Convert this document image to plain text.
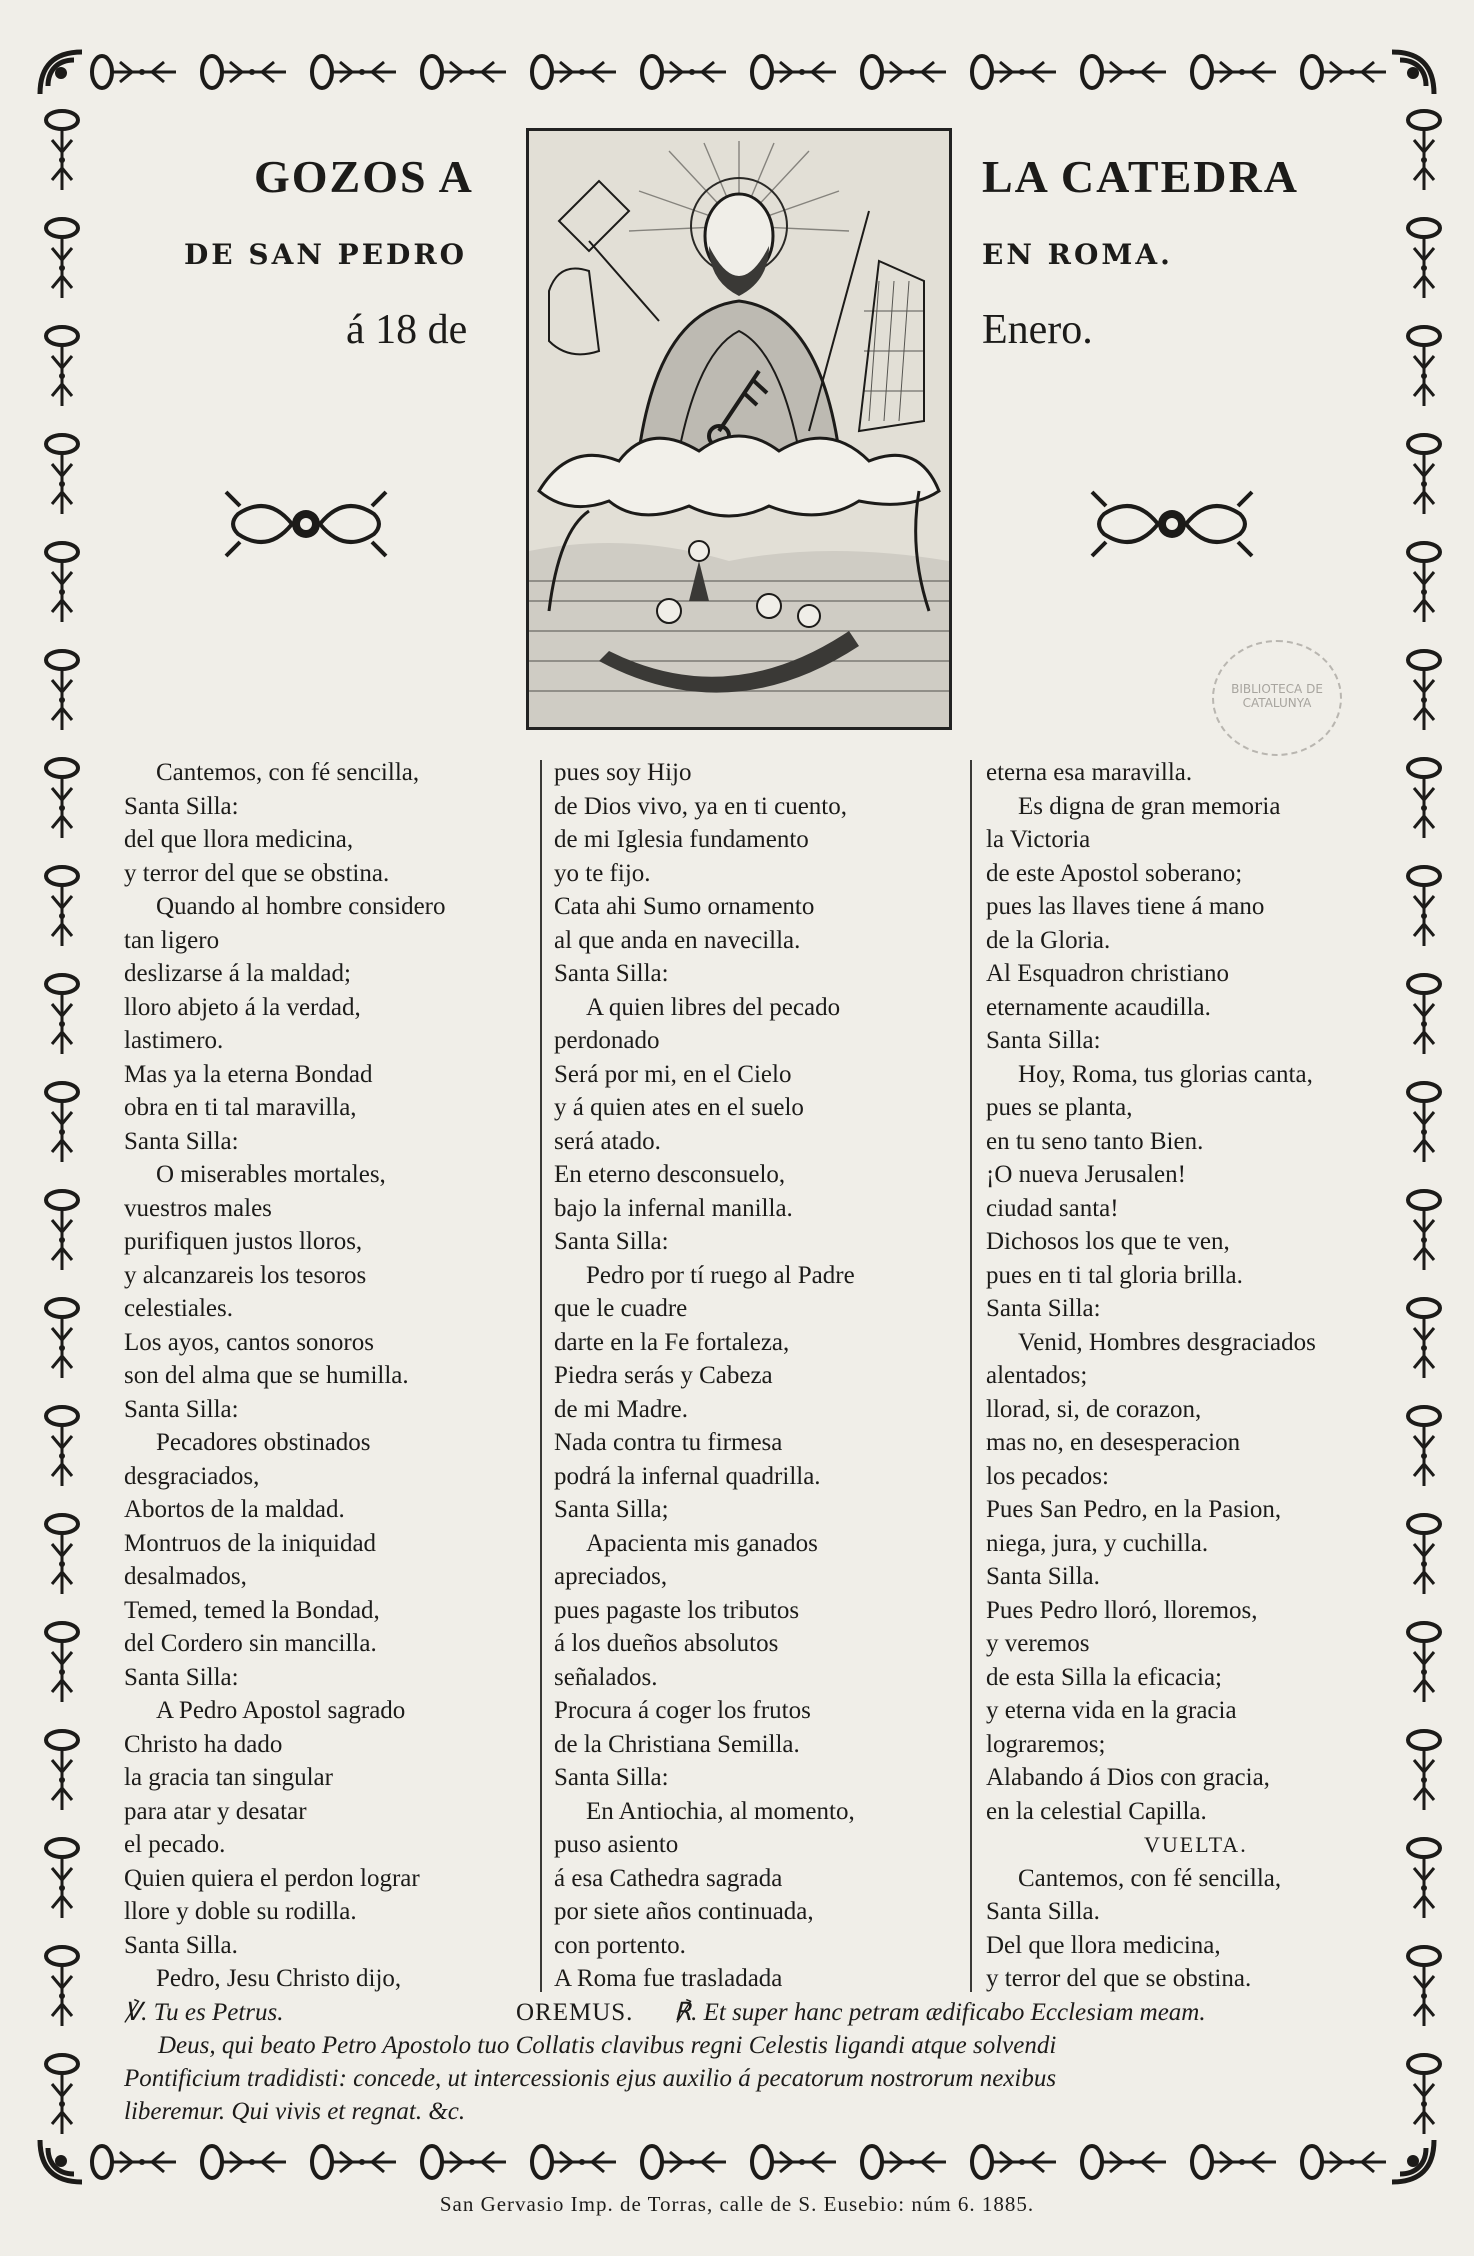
GOZOS A	LA CATEDRA
DE SAN PEDRO	EN ROMA.
á 18 de	Enero.
BIBLIOTECA DE CATALUNYA
Cantemos, con fé sencilla,
Santa Silla:
del que llora medicina,
y terror del que se obstina.
Quando al hombre considero
tan ligero
deslizarse á la maldad;
lloro abjeto á la verdad,
lastimero.
Mas ya la eterna Bondad
obra en ti tal maravilla,
Santa Silla:
O miserables mortales,
vuestros males
purifiquen justos lloros,
y alcanzareis los tesoros
celestiales.
Los ayos, cantos sonoros
son del alma que se humilla.
Santa Silla:
Pecadores obstinados
desgraciados,
Abortos de la maldad.
Montruos de la iniquidad
desalmados,
Temed, temed la Bondad,
del Cordero sin mancilla.
Santa Silla:
A Pedro Apostol sagrado
Christo ha dado
la gracia tan singular
para atar y desatar
el pecado.
Quien quiera el perdon lograr
llore y doble su rodilla.
Santa Silla.
Pedro, Jesu Christo dijo,
pues soy Hijo
de Dios vivo, ya en ti cuento,
de mi Iglesia fundamento
yo te fijo.
Cata ahi Sumo ornamento
al que anda en navecilla.
Santa Silla:
A quien libres del pecado
perdonado
Será por mi, en el Cielo
y á quien ates en el suelo
será atado.
En eterno desconsuelo,
bajo la infernal manilla.
Santa Silla:
Pedro por tí ruego al Padre
que le cuadre
darte en la Fe fortaleza,
Piedra serás y Cabeza
de mi Madre.
Nada contra tu firmesa
podrá la infernal quadrilla.
Santa Silla;
Apacienta mis ganados
apreciados,
pues pagaste los tributos
á los dueños absolutos
señalados.
Procura á coger los frutos
de la Christiana Semilla.
Santa Silla:
En Antiochia, al momento,
puso asiento
á esa Cathedra sagrada
por siete años continuada,
con portento.
A Roma fue trasladada
eterna esa maravilla.
Es digna de gran memoria
la Victoria
de este Apostol soberano;
pues las llaves tiene á mano
de la Gloria.
Al Esquadron christiano
eternamente acaudilla.
Santa Silla:
Hoy, Roma, tus glorias canta,
pues se planta,
en tu seno tanto Bien.
¡O nueva Jerusalen!
ciudad santa!
Dichosos los que te ven,
pues en ti tal gloria brilla.
Santa Silla:
Venid, Hombres desgraciados
alentados;
llorad, si, de corazon,
mas no, en desesperacion
los pecados:
Pues San Pedro, en la Pasion,
niega, jura, y cuchilla.
Santa Silla.
Pues Pedro lloró, lloremos,
y veremos
de esta Silla la eficacia;
y eterna vida en la gracia
lograremos;
Alabando á Dios con gracia,
en la celestial Capilla.
VUELTA.
Cantemos, con fé sencilla,
Santa Silla.
Del que llora medicina,
y terror del que se obstina.
℣. Tu es Petrus.	OREMUS. ℟. Et super hanc petram ædificabo Ecclesiam meam.
Deus, qui beato Petro Apostolo tuo Collatis clavibus regni Celestis ligandi atque solvendi
Pontificium tradidisti: concede, ut intercessionis ejus auxilio á pecatorum nostrorum nexibus
liberemur. Qui vivis et regnat. &c.
San Gervasio Imp. de Torras, calle de S. Eusebio: núm 6. 1885.
